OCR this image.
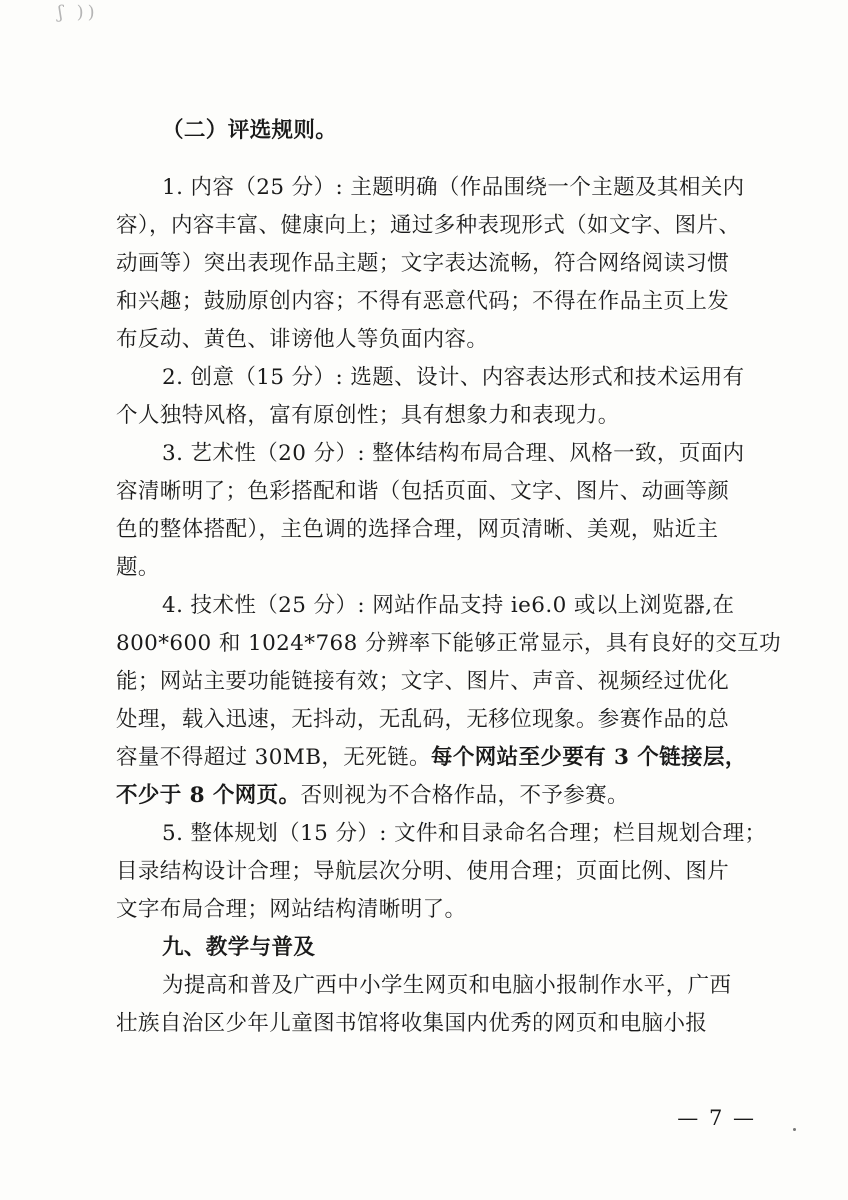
ʃ ))
（二）评选规则。
1. 内容（25 分）: 主题明确（作品围绕一个主题及其相关内
容），内容丰富、健康向上；通过多种表现形式（如文字、图片、
动画等）突出表现作品主题；文字表达流畅，符合网络阅读习惯
和兴趣；鼓励原创内容；不得有恶意代码；不得在作品主页上发
布反动、黄色、诽谤他人等负面内容。
2. 创意（15 分）: 选题、设计、内容表达形式和技术运用有
个人独特风格，富有原创性；具有想象力和表现力。
3. 艺术性（20 分）: 整体结构布局合理、风格一致，页面内
容清晰明了；色彩搭配和谐（包括页面、文字、图片、动画等颜
色的整体搭配），主色调的选择合理，网页清晰、美观，贴近主
题。
4. 技术性（25 分）: 网站作品支持 ie6.0 或以上浏览器,在
800*600 和 1024*768 分辨率下能够正常显示，具有良好的交互功
能；网站主要功能链接有效；文字、图片、声音、视频经过优化
处理，载入迅速，无抖动，无乱码，无移位现象。参赛作品的总
容量不得超过 30MB，无死链。每个网站至少要有 3 个链接层，
不少于 8 个网页。否则视为不合格作品，不予参赛。
5. 整体规划（15 分）: 文件和目录命名合理；栏目规划合理；
目录结构设计合理；导航层次分明、使用合理；页面比例、图片
文字布局合理；网站结构清晰明了。
九、教学与普及
为提高和普及广西中小学生网页和电脑小报制作水平，广西
壮族自治区少年儿童图书馆将收集国内优秀的网页和电脑小报
— 7 —
